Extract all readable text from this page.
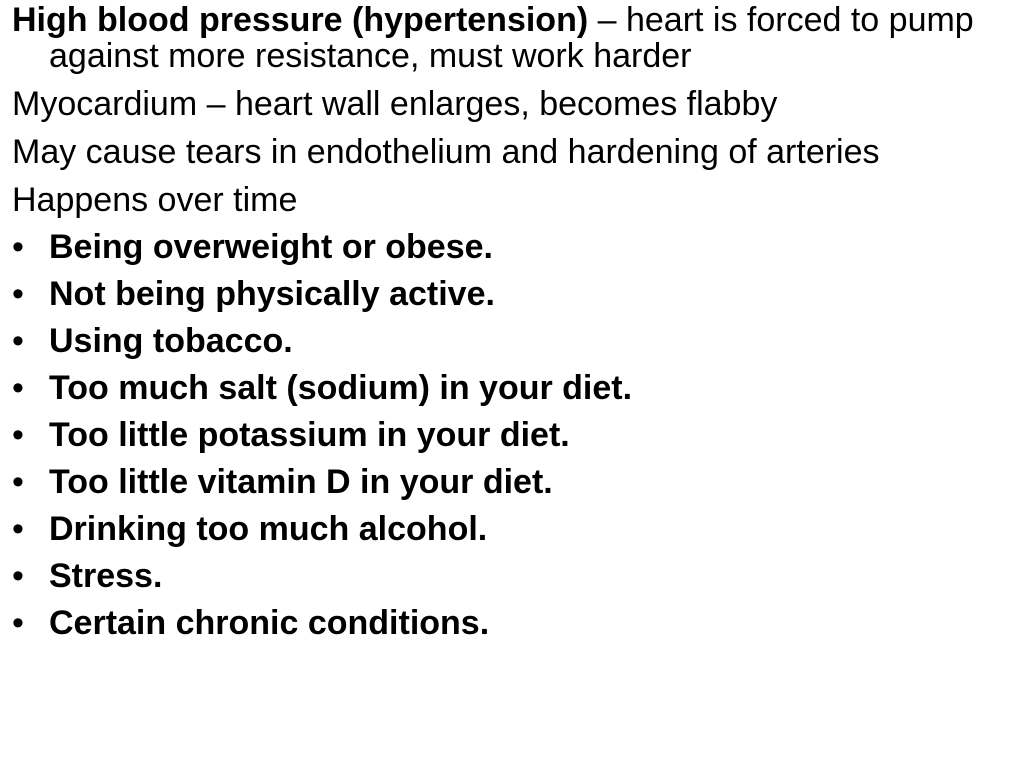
High blood pressure (hypertension) – heart is forced to pump against more resistance, must work harder

Myocardium – heart wall enlarges, becomes flabby

May cause tears in endothelium and hardening of arteries

Happens over time

• Being overweight or obese.
• Not being physically active.
• Using tobacco.
• Too much salt (sodium) in your diet.
• Too little potassium in your diet.
• Too little vitamin D in your diet.
• Drinking too much alcohol.
• Stress.
• Certain chronic conditions.
